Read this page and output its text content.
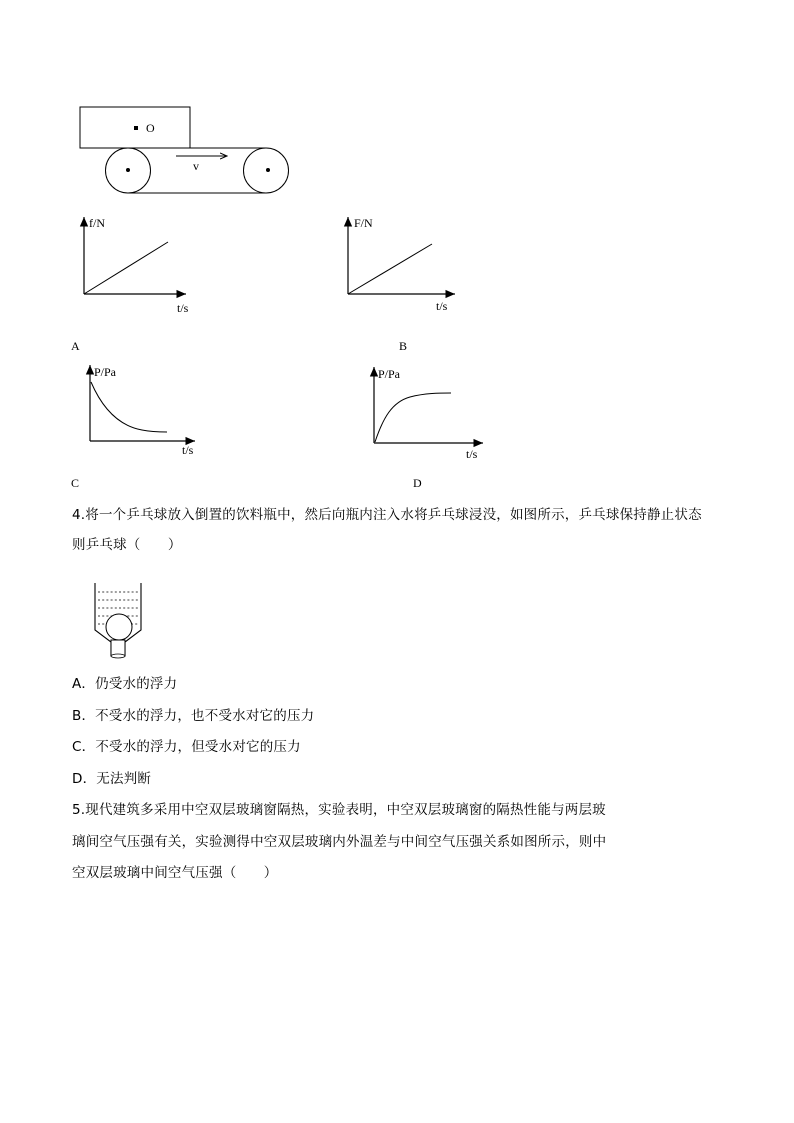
O
v
f/N
t/s
A
F/N
t/s
B
P/Pa
t/s
C
P/Pa
t/s
D
4.将一个乒乓球放入倒置的饮料瓶中，然后向瓶内注入水将乒乓球浸没，如图所示，乒乓球保持静止状态
则乒乓球（　　）
A．仍受水的浮力
B．不受水的浮力，也不受水对它的压力
C．不受水的浮力，但受水对它的压力
D．无法判断
5.现代建筑多采用中空双层玻璃窗隔热，实验表明，中空双层玻璃窗的隔热性能与两层玻
璃间空气压强有关，实验测得中空双层玻璃内外温差与中间空气压强关系如图所示，则中
空双层玻璃中间空气压强（　　）
